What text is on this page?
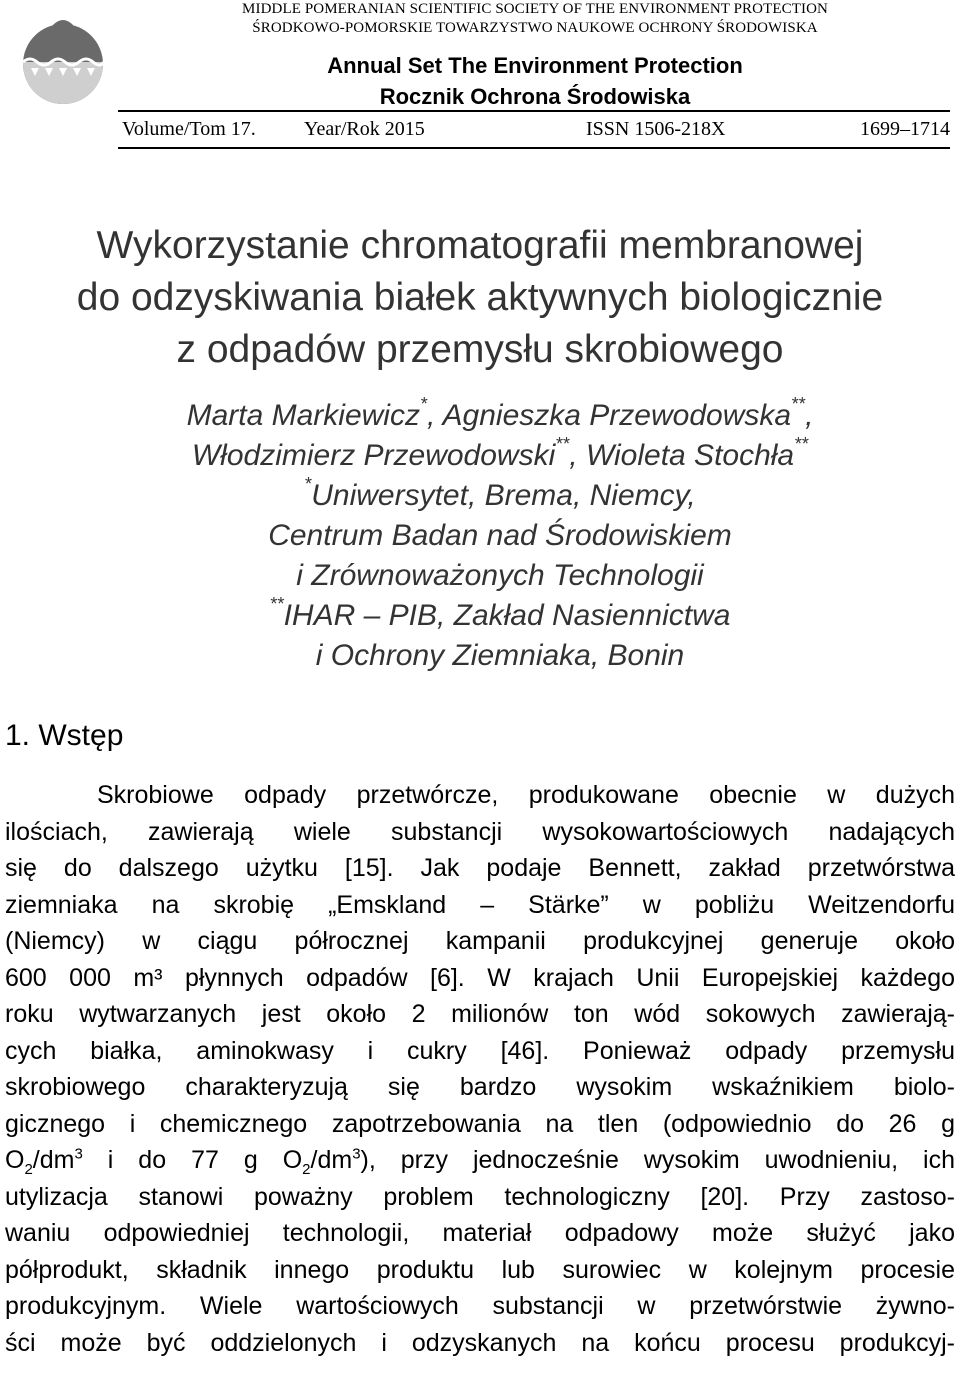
MIDDLE POMERANIAN SCIENTIFIC SOCIETY OF THE ENVIRONMENT PROTECTION
ŚRODKOWO-POMORSKIE TOWARZYSTWO NAUKOWE OCHRONY ŚRODOWISKA
Annual Set The Environment Protection
Rocznik Ochrona Środowiska
Volume/Tom 17. Year/Rok 2015	ISSN 1506-218X	1699–1714
Wykorzystanie chromatografii membranowej
do odzyskiwania białek aktywnych biologicznie
z odpadów przemysłu skrobiowego
Marta Markiewicz*, Agnieszka Przewodowska**,
Włodzimierz Przewodowski**, Wioleta Stochła**
*Uniwersytet, Brema, Niemcy,
Centrum Badan nad Środowiskiem
i Zrównoważonych Technologii
**IHAR – PIB, Zakład Nasiennictwa
i Ochrony Ziemniaka, Bonin
1. Wstęp
Skrobiowe odpady przetwórcze, produkowane obecnie w dużych
ilościach, zawierają wiele substancji wysokowartościowych nadających
się do dalszego użytku [15]. Jak podaje Bennett, zakład przetwórstwa
ziemniaka na skrobię „Emskland – Stärke” w pobliżu Weitzendorfu
(Niemcy) w ciągu półrocznej kampanii produkcyjnej generuje około
600 000 m³ płynnych odpadów [6]. W krajach Unii Europejskiej każdego
roku wytwarzanych jest około 2 milionów ton wód sokowych zawierają-
cych białka, aminokwasy i cukry [46]. Ponieważ odpady przemysłu
skrobiowego charakteryzują się bardzo wysokim wskaźnikiem biolo-
gicznego i chemicznego zapotrzebowania na tlen (odpowiednio do 26 g
$O_2/dm^3$ i do 77 g $O_2/dm^3$), przy jednocześnie wysokim uwodnieniu, ich
utylizacja stanowi poważny problem technologiczny [20]. Przy zastoso-
waniu odpowiedniej technologii, materiał odpadowy może służyć jako
półprodukt, składnik innego produktu lub surowiec w kolejnym procesie
produkcyjnym. Wiele wartościowych substancji w przetwórstwie żywno-
ści może być oddzielonych i odzyskanych na końcu procesu produkcyj-
